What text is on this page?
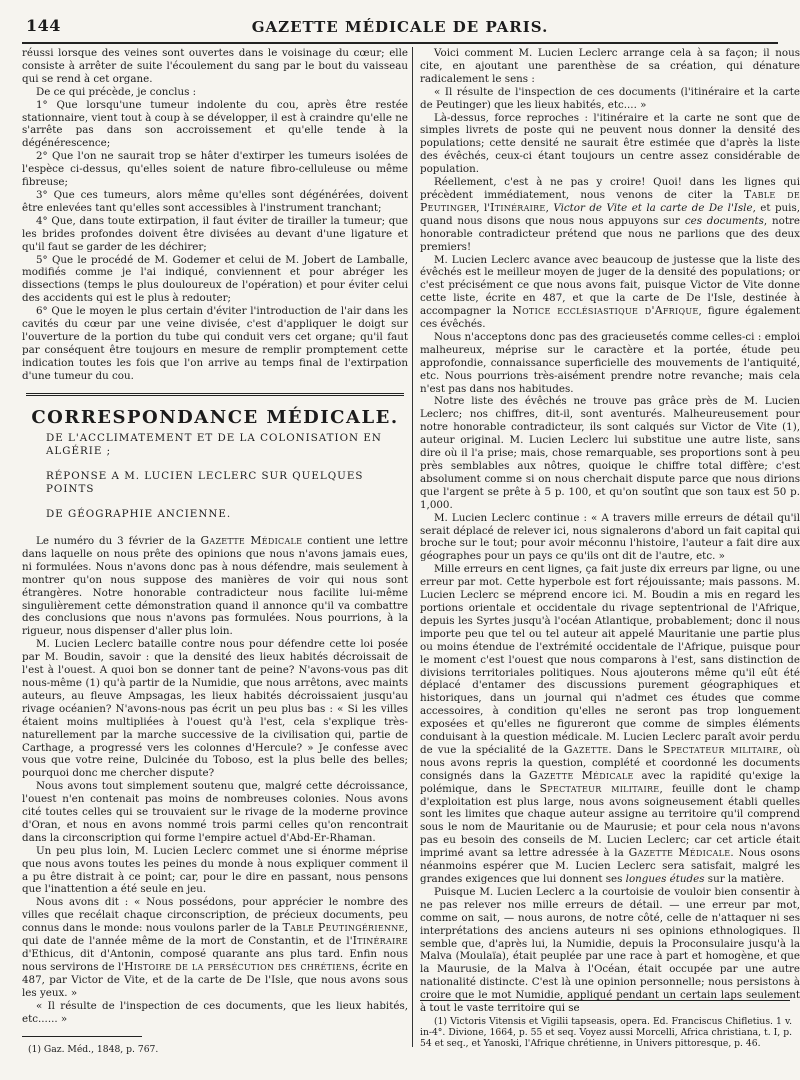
144	GAZETTE MÉDICALE DE PARIS.

réussi lorsque des veines sont ouvertes dans le voisinage du cœur; elle consiste à arrêter de suite l'écoulement du sang par le bout du vaisseau qui se rend à cet organe.

De ce qui précède, je conclus :

1° Que lorsqu'une tumeur indolente du cou, après être restée stationnaire, vient tout à coup à se développer, il est à craindre qu'elle ne s'arrête pas dans son accroissement et qu'elle tende à la dégénérescence;

2° Que l'on ne saurait trop se hâter d'extirper les tumeurs isolées de l'espèce ci-dessus, qu'elles soient de nature fibro-celluleuse ou même fibreuse;

3° Que ces tumeurs, alors même qu'elles sont dégénérées, doivent être enlevées tant qu'elles sont accessibles à l'instrument tranchant;

4° Que, dans toute extirpation, il faut éviter de tirailler la tumeur; que les brides profondes doivent être divisées au devant d'une ligature et qu'il faut se garder de les déchirer;

5° Que le procédé de M. Godemer et celui de M. Jobert de Lamballe, modifiés comme je l'ai indiqué, conviennent et pour abréger les dissections (temps le plus douloureux de l'opération) et pour éviter celui des accidents qui est le plus à redouter;

6° Que le moyen le plus certain d'éviter l'introduction de l'air dans les cavités du cœur par une veine divisée, c'est d'appliquer le doigt sur l'ouverture de la portion du tube qui conduit vers cet organe; qu'il faut par conséquent être toujours en mesure de remplir promptement cette indication toutes les fois que l'on arrive au temps final de l'extirpation d'une tumeur du cou.

CORRESPONDANCE MÉDICALE.

DE L'ACCLIMATEMENT ET DE LA COLONISATION EN ALGÉRIE ;

RÉPONSE A M. LUCIEN LECLERC SUR QUELQUES POINTS

DE GÉOGRAPHIE ANCIENNE.

Le numéro du 3 février de la Gazette Médicale contient une lettre dans laquelle on nous prête des opinions que nous n'avons jamais eues, ni formulées. Nous n'avons donc pas à nous défendre, mais seulement à montrer qu'on nous suppose des manières de voir qui nous sont étrangères. Notre honorable contradicteur nous facilite lui-même singulièrement cette démonstration quand il annonce qu'il va combattre des conclusions que nous n'avons pas formulées. Nous pourrions, à la rigueur, nous dispenser d'aller plus loin.

M. Lucien Leclerc bataille contre nous pour défendre cette loi posée par M. Boudin, savoir : que la densité des lieux habités décroissait de l'est à l'ouest. A quoi bon se donner tant de peine? N'avons-vous pas dit nous-même (1) qu'à partir de la Numidie, que nous arrêtons, avec maints auteurs, au fleuve Ampsagas, les lieux habités décroissaient jusqu'au rivage océanien? N'avons-nous pas écrit un peu plus bas : « Si les villes étaient moins multipliées à l'ouest qu'à l'est, cela s'explique très-naturellement par la marche successive de la civilisation qui, partie de Carthage, a progressé vers les colonnes d'Hercule? » Je confesse avec vous que votre reine, Dulcinée du Toboso, est la plus belle des belles; pourquoi donc me chercher dispute?

Nous avons tout simplement soutenu que, malgré cette décroissance, l'ouest n'en contenait pas moins de nombreuses colonies. Nous avons cité toutes celles qui se trouvaient sur le rivage de la moderne province d'Oran, et nous en avons nommé trois parmi celles qu'on rencontrait dans la circonscription qui forme l'empire actuel d'Abd-Er-Rhaman.

Un peu plus loin, M. Lucien Leclerc commet une si énorme méprise que nous avons toutes les peines du monde à nous expliquer comment il a pu être distrait à ce point; car, pour le dire en passant, nous pensons que l'inattention a été seule en jeu.

Nous avons dit : « Nous possédons, pour apprécier le nombre des villes que recélait chaque circonscription, de précieux documents, peu connus dans le monde: nous voulons parler de la Table Peutingérienne, qui date de l'année même de la mort de Constantin, et de l'Itinéraire d'Ethicus, dit d'Antonin, composé quarante ans plus tard. Enfin nous nous servirons de l'Histoire de la persécution des chrétiens, écrite en 487, par Victor de Vite, et de la carte de De l'Isle, que nous avons sous les yeux. »

« Il résulte de l'inspection de ces documents, que les lieux habités, etc...... »

(1) Gaz. Méd., 1848, p. 767.

Voici comment M. Lucien Leclerc arrange cela à sa façon; il nous cite, en ajoutant une parenthèse de sa création, qui dénature radicalement le sens :

« Il résulte de l'inspection de ces documents (l'itinéraire et la carte de Peutinger) que les lieux habités, etc.... »

Là-dessus, force reproches : l'itinéraire et la carte ne sont que de simples livrets de poste qui ne peuvent nous donner la densité des populations; cette densité ne saurait être estimée que d'après la liste des évêchés, ceux-ci étant toujours un centre assez considérable de population.

Réellement, c'est à ne pas y croire! Quoi! dans les lignes qui précèdent immédiatement, nous venons de citer la Table de Peutinger, l'Itinéraire, Victor de Vite et la carte de De l'Isle, et puis, quand nous disons que nous nous appuyons sur ces documents, notre honorable contradicteur prétend que nous ne parlions que des deux premiers!

M. Lucien Leclerc avance avec beaucoup de justesse que la liste des évêchés est le meilleur moyen de juger de la densité des populations; or c'est précisément ce que nous avons fait, puisque Victor de Vite donne cette liste, écrite en 487, et que la carte de De l'Isle, destinée à accompagner la Notice ecclésiastique d'Afrique, figure également ces évêchés.

Nous n'acceptons donc pas des gracieusetés comme celles-ci : emploi malheureux, méprise sur le caractère et la portée, étude peu approfondie, connaissance superficielle des mouvements de l'antiquité, etc. Nous pourrions très-aisément prendre notre revanche; mais cela n'est pas dans nos habitudes.

Notre liste des évêchés ne trouve pas grâce près de M. Lucien Leclerc; nos chiffres, dit-il, sont aventurés. Malheureusement pour notre honorable contradicteur, ils sont calqués sur Victor de Vite (1), auteur original. M. Lucien Leclerc lui substitue une autre liste, sans dire où il l'a prise; mais, chose remarquable, ses proportions sont à peu près semblables aux nôtres, quoique le chiffre total diffère; c'est absolument comme si on nous cherchait dispute parce que nous dirions que l'argent se prête à 5 p. 100, et qu'on soutînt que son taux est 50 p. 1,000.

M. Lucien Leclerc continue : « A travers mille erreurs de détail qu'il serait déplacé de relever ici, nous signalerons d'abord un fait capital qui broche sur le tout; pour avoir méconnu l'histoire, l'auteur a fait dire aux géographes pour un pays ce qu'ils ont dit de l'autre, etc. »

Mille erreurs en cent lignes, ça fait juste dix erreurs par ligne, ou une erreur par mot. Cette hyperbole est fort réjouissante; mais passons. M. Lucien Leclerc se méprend encore ici. M. Boudin a mis en regard les portions orientale et occidentale du rivage septentrional de l'Afrique, depuis les Syrtes jusqu'à l'océan Atlantique, probablement; donc il nous importe peu que tel ou tel auteur ait appelé Mauritanie une partie plus ou moins étendue de l'extrémité occidentale de l'Afrique, puisque pour le moment c'est l'ouest que nous comparons à l'est, sans distinction de divisions territoriales politiques. Nous ajouterons même qu'il eût été déplacé d'entamer des discussions purement géographiques et historiques, dans un journal qui n'admet ces études que comme accessoires, à condition qu'elles ne seront pas trop longuement exposées et qu'elles ne figureront que comme de simples éléments conduisant à la question médicale. M. Lucien Leclerc paraît avoir perdu de vue la spécialité de la Gazette. Dans le Spectateur militaire, où nous avons repris la question, complété et coordonné les documents consignés dans la Gazette Médicale avec la rapidité qu'exige la polémique, dans le Spectateur militaire, feuille dont le champ d'exploitation est plus large, nous avons soigneusement établi quelles sont les limites que chaque auteur assigne au territoire qu'il comprend sous le nom de Mauritanie ou de Maurusie; et pour cela nous n'avons pas eu besoin des conseils de M. Lucien Leclerc; car cet article était imprimé avant sa lettre adressée à la Gazette Médicale. Nous osons néanmoins espérer que M. Lucien Leclerc sera satisfait, malgré les grandes exigences que lui donnent ses longues études sur la matière.

Puisque M. Lucien Leclerc a la courtoisie de vouloir bien consentir à ne pas relever nos mille erreurs de détail. — une erreur par mot, comme on sait, — nous aurons, de notre côté, celle de n'attaquer ni ses interprétations des anciens auteurs ni ses opinions ethnologiques. Il semble que, d'après lui, la Numidie, depuis la Proconsulaire jusqu'à la Malva (Moulaïa), était peuplée par une race à part et homogène, et que la Maurusie, de la Malva à l'Océan, était occupée par une autre nationalité distincte. C'est là une opinion personnelle; nous persistons à croire que le mot Numidie, appliqué pendant un certain laps seulement à tout le vaste territoire qui se

(1) Victoris Vitensis et Vigilii tapseasis, opera. Ed. Franciscus Chifletius. 1 v. in-4°. Divione, 1664, p. 55 et seq. Voyez aussi Morcelli, Africa christiana, t. I, p. 54 et seq., et Yanoski, l'Afrique chrétienne, in Univers pittoresque, p. 46.
